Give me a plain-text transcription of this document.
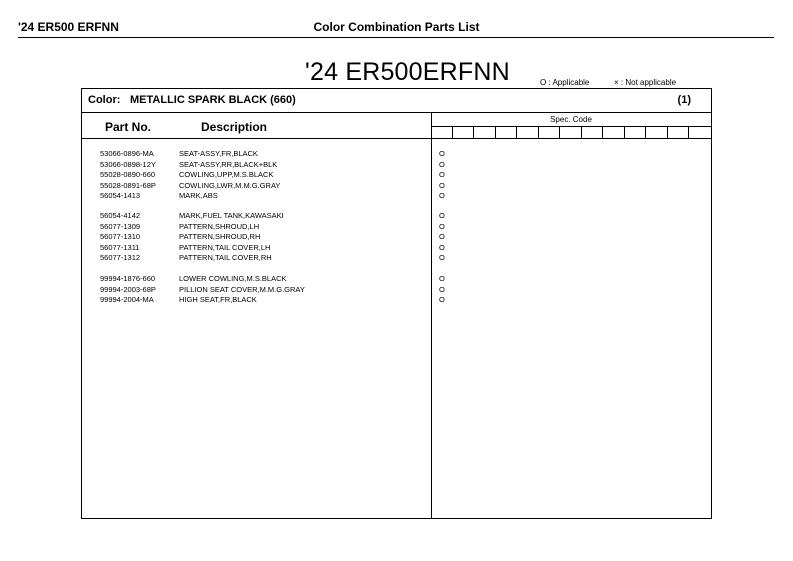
'24 ER500 ERFNN	Color Combination Parts List
'24 ER500ERFNN	O : Applicable	× : Not applicable
Color: METALLIC SPARK BLACK (660)	(1)
Part No.	Description
Spec. Code
53066-0896-MA	SEAT-ASSY,FR,BLACK	O
53066-0898-12Y	SEAT-ASSY,RR,BLACK+BLK	O
55028-0890-660	COWLING,UPP,M.S.BLACK	O
55028-0891-68P	COWLING,LWR,M.M.G.GRAY	O
56054-1413	MARK,ABS	O
56054-4142	MARK,FUEL TANK,KAWASAKI	O
56077-1309	PATTERN,SHROUD,LH	O
56077-1310	PATTERN,SHROUD,RH	O
56077-1311	PATTERN,TAIL COVER,LH	O
56077-1312	PATTERN,TAIL COVER,RH	O
99994-1876-660	LOWER COWLING,M.S.BLACK	O
99994-2003-68P	PILLION SEAT COVER,M.M.G.GRAY	O
99994-2004-MA	HIGH SEAT,FR,BLACK	O
